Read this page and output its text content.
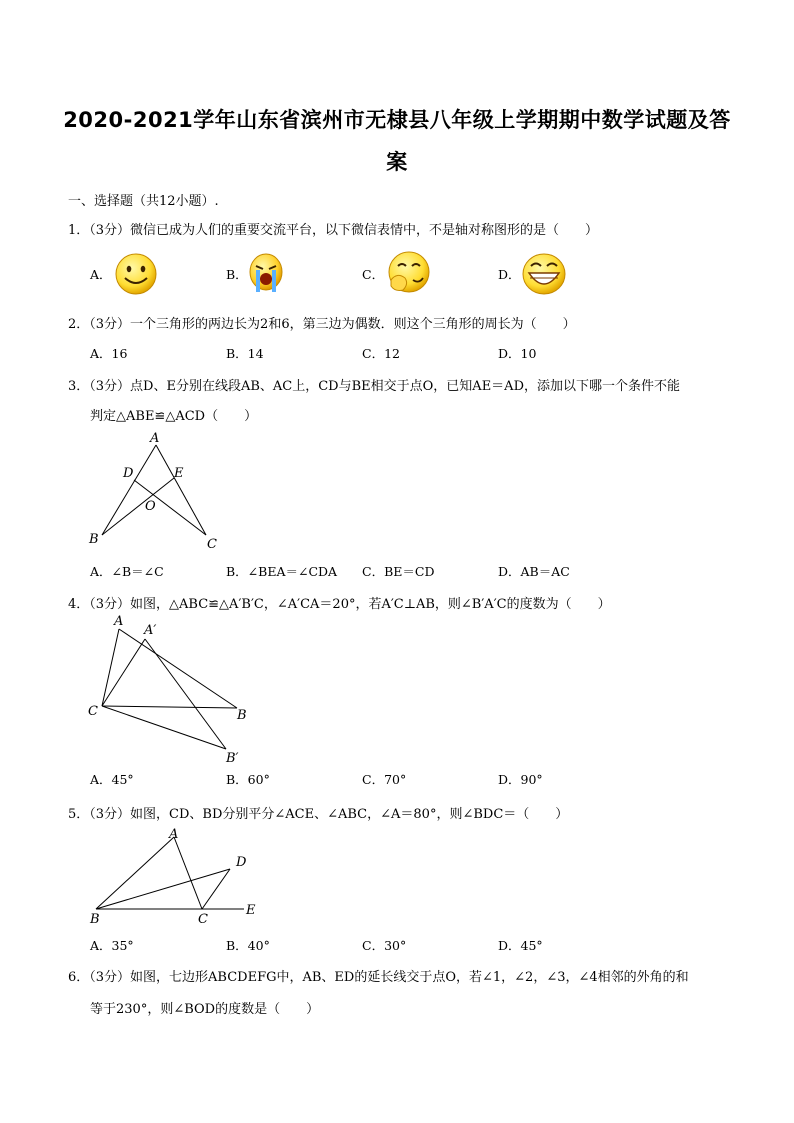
2020-2021学年山东省滨州市无棣县八年级上学期期中数学试题及答
案
一、选择题（共12小题）.
1．（3分）微信已成为人们的重要交流平台，以下微信表情中，不是轴对称图形的是（　　）
A．	B．	C．	D．
2．（3分）一个三角形的两边长为2和6，第三边为偶数．则这个三角形的周长为（　　）
A．16	B．14	C．12	D．10
3．（3分）点D、E分别在线段AB、AC上，CD与BE相交于点O，已知AE＝AD，添加以下哪一个条件不能
判定△ABE≌△ACD（　　）
A
D	E
O
B	C
A．∠B＝∠C	B．∠BEA＝∠CDA C．BE＝CD	D．AB＝AC
4．（3分）如图，△ABC≌△A′B′C，∠A′CA＝20°，若A′C⊥AB，则∠B′A′C的度数为（　　）
A
A′
C	B
B′
A．45°	B．60°	C．70°	D．90°
5．（3分）如图，CD、BD分别平分∠ACE、∠ABC，∠A＝80°，则∠BDC＝（　　）
A
D
B	C
E
A．35°	B．40°	C．30°	D．45°
6．（3分）如图，七边形ABCDEFG中，AB、ED的延长线交于点O，若∠1，∠2，∠3，∠4相邻的外角的和
等于230°，则∠BOD的度数是（　　）
